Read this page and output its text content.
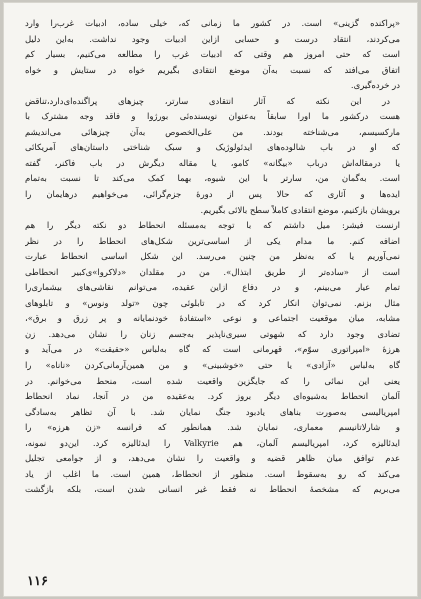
«پراکنده گزینی» است. در کشور ما زمانی که، خیلی ساده، ادبیات غرب‌را وارد
می‌کردند، انتقاد درست و حسابی ازاین ادبیات وجود نداشت. به‌این دلیل
است که حتی امروز هم وقتی که ادبیات غرب را مطالعه می‌کنیم، بسیار کم
اتفاق می‌افتد که نسبت به‌آن موضع انتقادی بگیریم خواه در ستایش و خواه
در خرده‌گیری.
در این نکته که آثار انتقادی سارتر، چیزهای پراگنده‌ای‌دارد،تناقض
هست درکشور ما اورا سابقاً به‌عنوان نویسنده‌ئی بورژوا و فاقد وجه مشترک با
مارکسیسم، می‌شناخته بودند. من علی‌الخصوص به‌آن چیزهائی می‌اندیشم
که او در باب شالوده‌های ایدئولوژیک و سبک شناختی داستان‌های آمریکائی
یا درمقاله‌اش درباب «بیگانه» کامو، یا مقاله دیگرش در باب فاکنر، گفته
است. به‌گمان من، سارتر با این شیوه، بهما کمک می‌کند تا نسبت به‌تمام
ایده‌ها و آثاری که حالا پس از دورهٔ جزم‌گرائی، می‌خواهیم درهایمان را
برویشان بازکنیم، موضع انتقادی کاملاً سطح بالائی بگیریم.
ارنست فیشر: میل داشتم که با توجه به‌مسئله انحطاط دو نکته دیگر را هم
اضافه کنم. ما مدام یکی از اساسی‌ترین شکل‌های انحطاط را در نظر
نمی‌آوریم یا که به‌نظر من چنین می‌رسد. این شکل اساسی انحطاط عبارت
است از «ساده‌تر از طریق ابتذال». من در مقلدان «دلاکروا»ی‌کبیر انحطاطی
تمام عیار می‌بینم، و در دفاع ازاین عقیده، می‌توانم نقاشی‌های بیشماری‌را
مثال بزنم. نمی‌توان انکار کرد که در تابلوئی چون «تولد ونوس» و تابلوهای
مشابه، میان موقعیت اجتماعی و نوعی «استفادهٔ خودنمایانه و پر زرق و برق»،
تضادی وجود دارد که شهوتی سیری‌ناپذیر به‌جسم زنان را نشان می‌دهد. زن
هرزهٔ «امپراتوری سوّم»، قهرمانی است که گاه به‌لباس «حقیقت» در می‌آید و
گاه به‌لباس «آزادی» یا حتی «خوشبینی» و من همین‌آرمانی‌کردن «ناناه» را
یعنی این نمائی را که جایگزین واقعیت شده است، منحط می‌خوانم. در
آلمان انحطاط به‌شیوه‌ای دیگر بروز کرد. به‌عقیده من در آنجا، نماد انحطاط
امپریالیسی به‌صورت بناهای یادبود جنگ نمایان شد. با آن تظاهر به‌سادگی
و شارلاتانیسم معماری، نمایان شد. همانطور که فرانسه «زن هرزه» را
ایدئالیزه کرد، امپریالیسم آلمان، هم Valkyrie را ایدئالیزه کرد. این‌دو نمونه،
عدم توافق میان ظاهر قضیه و واقعیت را نشان می‌دهد، و از جوامعی تجلیل
می‌کند که رو به‌سقوط است. منظور از انحطاط، همین است. ما اغلب از یاد
می‌بریم که مشخصهٔ انحطاط نه فقط غیر انسانی شدن است، بلکه بازگشت
۱۱۶
